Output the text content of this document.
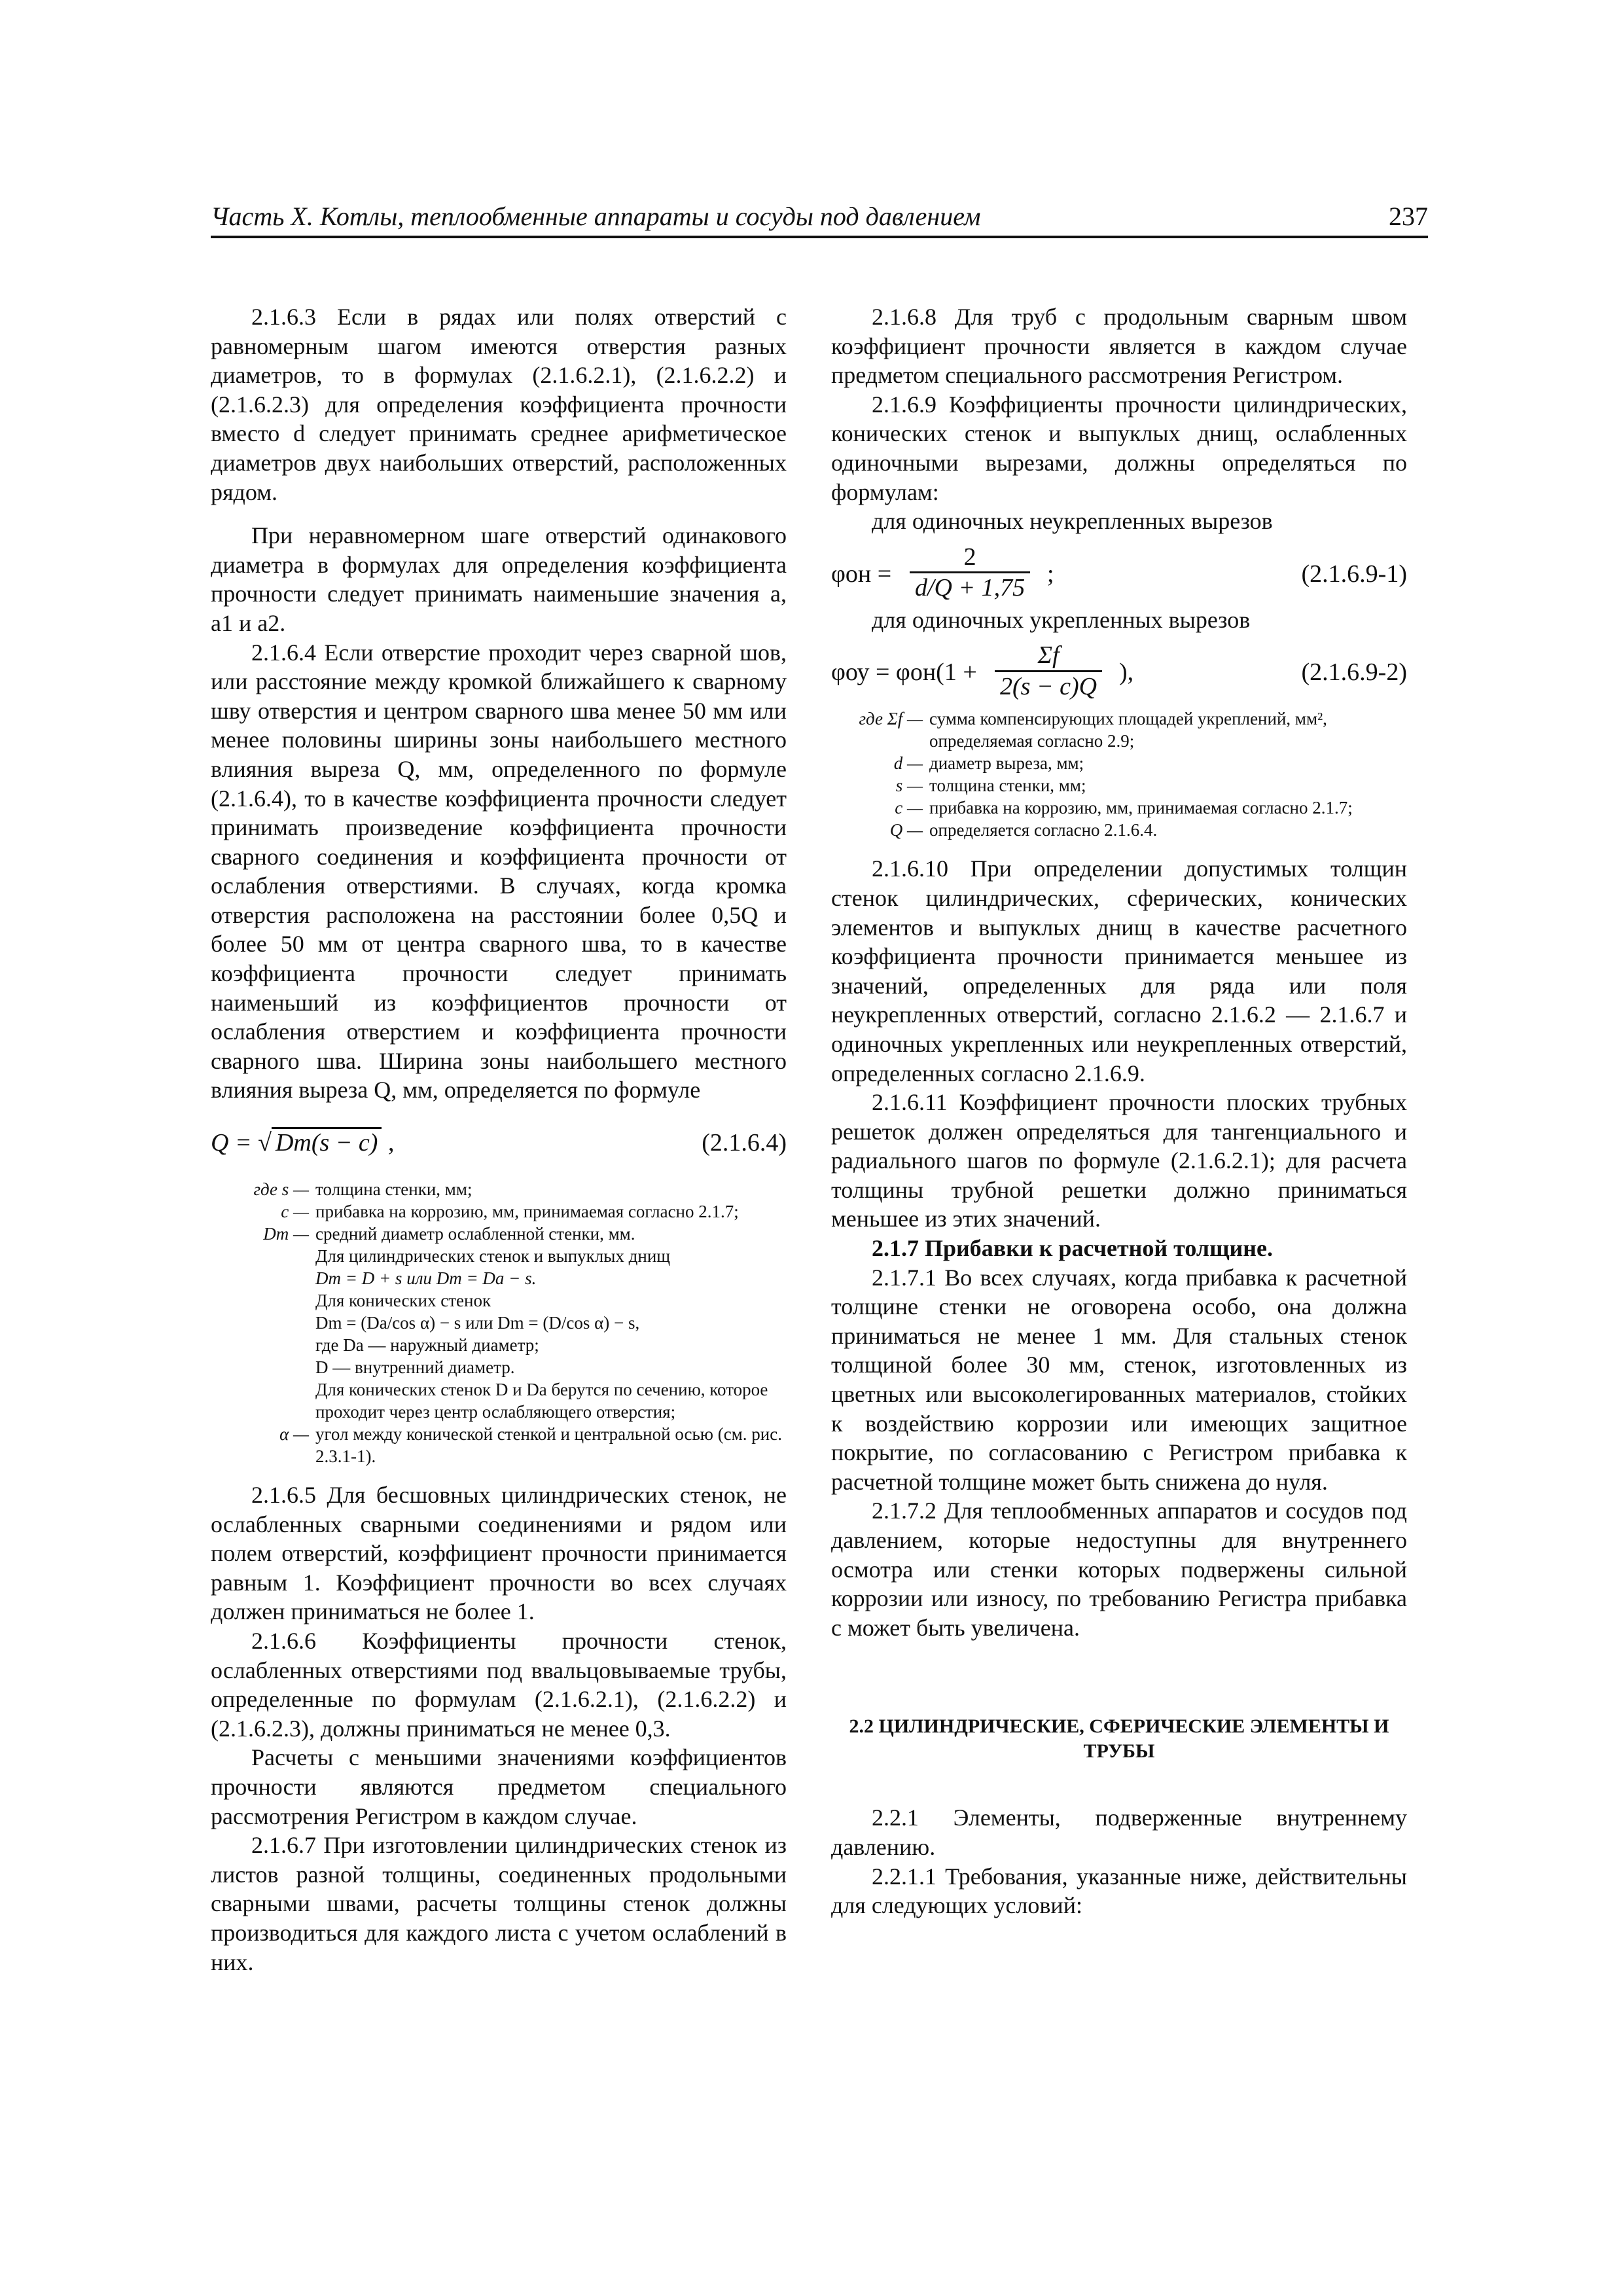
Часть X. Котлы, теплообменные аппараты и сосуды под давлением	237

2.1.6.3 Если в рядах или полях отверстий с равномерным шагом имеются отверстия разных диаметров, то в формулах (2.1.6.2.1), (2.1.6.2.2) и (2.1.6.2.3) для определения коэффициента прочности вместо d следует принимать среднее арифметическое диаметров двух наибольших отверстий, расположенных рядом.

При неравномерном шаге отверстий одинакового диаметра в формулах для определения коэффициента прочности следует принимать наименьшие значения a, a1 и a2.

2.1.6.4 Если отверстие проходит через сварной шов, или расстояние между кромкой ближайшего к сварному шву отверстия и центром сварного шва менее 50 мм или менее половины ширины зоны наибольшего местного влияния выреза Q, мм, определенного по формуле (2.1.6.4), то в качестве коэффициента прочности следует принимать произведение коэффициента прочности сварного соединения и коэффициента прочности от ослабления отверстиями. В случаях, когда кромка отверстия расположена на расстоянии более 0,5Q и более 50 мм от центра сварного шва, то в качестве коэффициента прочности следует принимать наименьший из коэффициентов прочности от ослабления отверстием и коэффициента прочности сварного шва. Ширина зоны наибольшего местного влияния выреза Q, мм, определяется по формуле

Q = √ Dm(s − c) ,	(2.1.6.4)
где s — толщина стенки, мм;
c — прибавка на коррозию, мм, принимаемая согласно 2.1.7;
Dm — средний диаметр ослабленной стенки, мм.
Для цилиндрических стенок и выпуклых днищ
Dm = D + s или Dm = Da − s.
Для конических стенок
Dm = (Da/cos α) − s или Dm = (D/cos α) − s,
где Da — наружный диаметр;
D — внутренний диаметр.
Для конических стенок D и Da берутся по сечению, которое проходит через центр ослабляющего отверстия;
α — угол между конической стенкой и центральной осью (см. рис. 2.3.1-1).

2.1.6.5 Для бесшовных цилиндрических стенок, не ослабленных сварными соединениями и рядом или полем отверстий, коэффициент прочности принимается равным 1. Коэффициент прочности во всех случаях должен приниматься не более 1.

2.1.6.6 Коэффициенты прочности стенок, ослабленных отверстиями под ввальцовываемые трубы, определенные по формулам (2.1.6.2.1), (2.1.6.2.2) и (2.1.6.2.3), должны приниматься не менее 0,3.

Расчеты с меньшими значениями коэффициентов прочности являются предметом специального рассмотрения Регистром в каждом случае.

2.1.6.7 При изготовлении цилиндрических стенок из листов разной толщины, соединенных продольными сварными швами, расчеты толщины стенок должны производиться для каждого листа с учетом ослаблений в них.

2.1.6.8 Для труб с продольным сварным швом коэффициент прочности является в каждом случае предметом специального рассмотрения Регистром.

2.1.6.9 Коэффициенты прочности цилиндрических, конических стенок и выпуклых днищ, ослабленных одиночными вырезами, должны определяться по формулам:

для одиночных неукрепленных вырезов

$\varphi он = \frac{2}{d/Q + 1,75}$ ;	(2.1.6.9-1)

для одиночных укрепленных вырезов

$\varphi оу = \varphi он(1 + \frac{\Sigma f}{2(s - c)Q}$ ),	(2.1.6.9-2)
где Σf — сумма компенсирующих площадей укреплений, мм², определяемая согласно 2.9;
d — диаметр выреза, мм;
s — толщина стенки, мм;
c — прибавка на коррозию, мм, принимаемая согласно 2.1.7;
Q — определяется согласно 2.1.6.4.

2.1.6.10 При определении допустимых толщин стенок цилиндрических, сферических, конических элементов и выпуклых днищ в качестве расчетного коэффициента прочности принимается меньшее из значений, определенных для ряда или поля неукрепленных отверстий, согласно 2.1.6.2 — 2.1.6.7 и одиночных укрепленных или неукрепленных отверстий, определенных согласно 2.1.6.9.

2.1.6.11 Коэффициент прочности плоских трубных решеток должен определяться для тангенциального и радиального шагов по формуле (2.1.6.2.1); для расчета толщины трубной решетки должно приниматься меньшее из этих значений.

2.1.7 Прибавки к расчетной толщине.

2.1.7.1 Во всех случаях, когда прибавка к расчетной толщине стенки не оговорена особо, она должна приниматься не менее 1 мм. Для стальных стенок толщиной более 30 мм, стенок, изготовленных из цветных или высоколегированных материалов, стойких к воздействию коррозии или имеющих защитное покрытие, по согласованию с Регистром прибавка к расчетной толщине может быть снижена до нуля.

2.1.7.2 Для теплообменных аппаратов и сосудов под давлением, которые недоступны для внутреннего осмотра или стенки которых подвержены сильной коррозии или износу, по требованию Регистра прибавка c может быть увеличена.

2.2 ЦИЛИНДРИЧЕСКИЕ, СФЕРИЧЕСКИЕ ЭЛЕМЕНТЫ И ТРУБЫ

2.2.1 Элементы, подверженные внутреннему давлению.

2.2.1.1 Требования, указанные ниже, действительны для следующих условий:
